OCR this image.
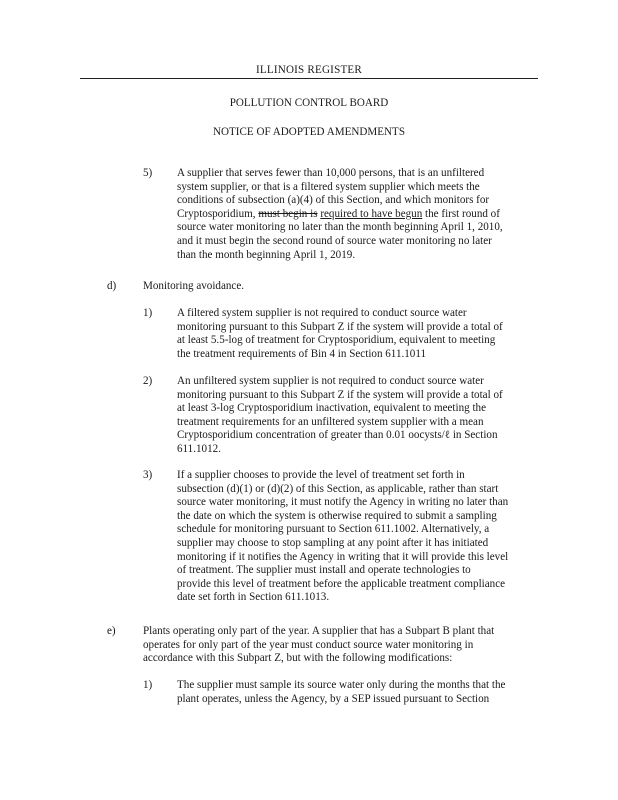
ILLINOIS REGISTER
POLLUTION CONTROL BOARD
NOTICE OF ADOPTED AMENDMENTS
5) A supplier that serves fewer than 10,000 persons, that is an unfiltered
system supplier, or that is a filtered system supplier which meets the
conditions of subsection (a)(4) of this Section, and which monitors for
Cryptosporidium, must begin is required to have begun the first round of
source water monitoring no later than the month beginning April 1, 2010,
and it must begin the second round of source water monitoring no later
than the month beginning April 1, 2019.
d) Monitoring avoidance.
1) A filtered system supplier is not required to conduct source water
monitoring pursuant to this Subpart Z if the system will provide a total of
at least 5.5-log of treatment for Cryptosporidium, equivalent to meeting
the treatment requirements of Bin 4 in Section 611.1011
2) An unfiltered system supplier is not required to conduct source water
monitoring pursuant to this Subpart Z if the system will provide a total of
at least 3-log Cryptosporidium inactivation, equivalent to meeting the
treatment requirements for an unfiltered system supplier with a mean
Cryptosporidium concentration of greater than 0.01 oocysts/ℓ in Section
611.1012.
3) If a supplier chooses to provide the level of treatment set forth in
subsection (d)(1) or (d)(2) of this Section, as applicable, rather than start
source water monitoring, it must notify the Agency in writing no later than
the date on which the system is otherwise required to submit a sampling
schedule for monitoring pursuant to Section 611.1002. Alternatively, a
supplier may choose to stop sampling at any point after it has initiated
monitoring if it notifies the Agency in writing that it will provide this level
of treatment. The supplier must install and operate technologies to
provide this level of treatment before the applicable treatment compliance
date set forth in Section 611.1013.
e) Plants operating only part of the year. A supplier that has a Subpart B plant that
operates for only part of the year must conduct source water monitoring in
accordance with this Subpart Z, but with the following modifications:
1) The supplier must sample its source water only during the months that the
plant operates, unless the Agency, by a SEP issued pursuant to Section
